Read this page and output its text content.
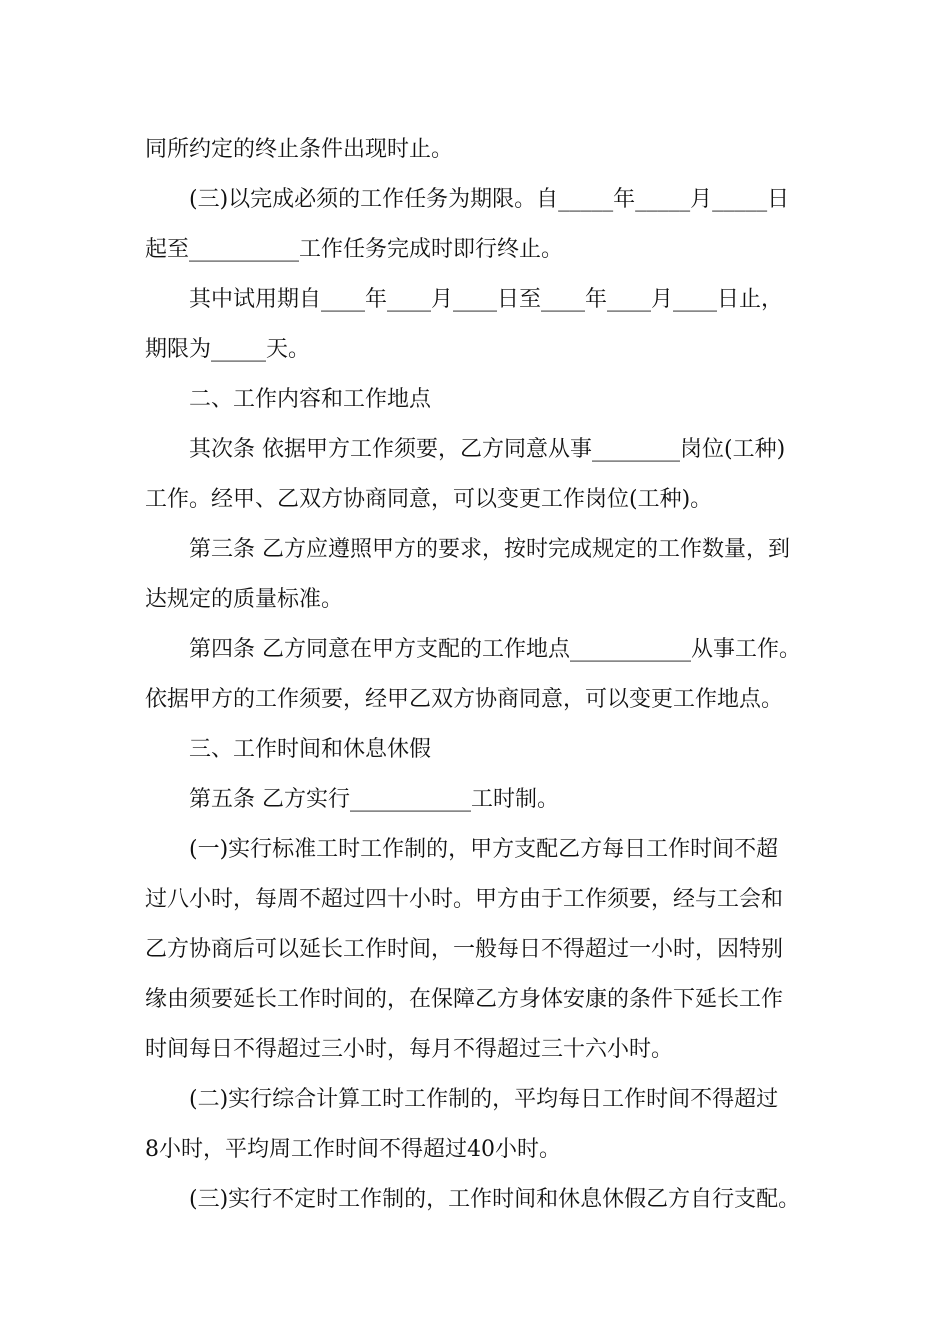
同所约定的终止条件出现时止。
(三)以完成必须的工作任务为期限。自_____年_____月_____日
起至__________工作任务完成时即行终止。
其中试用期自____年____月____日至____年____月____日止，
期限为_____天。
二、工作内容和工作地点
其次条 依据甲方工作须要，乙方同意从事________岗位(工种)
工作。经甲、乙双方协商同意，可以变更工作岗位(工种)。
第三条 乙方应遵照甲方的要求，按时完成规定的工作数量，到
达规定的质量标准。
第四条 乙方同意在甲方支配的工作地点___________从事工作。
依据甲方的工作须要，经甲乙双方协商同意，可以变更工作地点。
三、工作时间和休息休假
第五条 乙方实行___________工时制。
(一)实行标准工时工作制的，甲方支配乙方每日工作时间不超
过八小时，每周不超过四十小时。甲方由于工作须要，经与工会和
乙方协商后可以延长工作时间，一般每日不得超过一小时，因特别
缘由须要延长工作时间的，在保障乙方身体安康的条件下延长工作
时间每日不得超过三小时，每月不得超过三十六小时。
(二)实行综合计算工时工作制的，平均每日工作时间不得超过
8小时，平均周工作时间不得超过40小时。
(三)实行不定时工作制的，工作时间和休息休假乙方自行支配。
